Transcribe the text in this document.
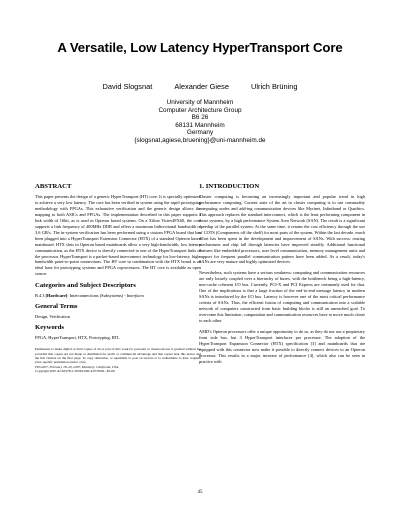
A Versatile, Low Latency HyperTransport Core
David Slogsnat	Alexander Giese	Ulrich Brüning
University of Mannheim
Computer Architecture Group
B6 26
68131 Mannheim
Germany
{slogsnat,agiese,bruening}@uni-mannheim.de
ABSTRACT

This paper presents the design of a generic HyperTransport (HT) core. It is specially optimized to achieve a very low latency. The core has been verified in system using the rapid prototyping methodology with FPGAs. This exhaustive verification and the generic design allows the mapping to both ASICs and FPGAs. The implementation described in this paper supports a link width of 16bit, as is used in Opteron based systems. On a Xilinx Virtex4FX60, the core supports a link frequency of 400MHz DDR and offers a maximum bidirectional bandwidth of 3.6 GB/s. The in-system verification has been performed using a custom FPGA board that has been plugged into a HyperTransport Extension Connector (HTX) of a standard Opteron based mainboard. HTX slots in Opteron based mainboards allow a very high-bandwidth, low latency communication, as the HTX device is directly connected to one of the HyperTransport links of the processor. HyperTransport is a packet-based interconnect technology for low-latency, high-bandwidth point-to-point connections. The HT core in combination with the HTX board is an ideal base for prototyping systems and FPGA coprocessors. The HT core is available as open source.

Categories and Subject Descriptors

B.4.3 [Hardware]: Interconnections (Subsystems) - Interfaces

General Terms

Design, Verification

Keywords

FPGA, HyperTransport, HTX, Prototyping, RTL

Permission to make digital or hard copies of all or part of this work for personal or classroom use is granted without fee provided that copies are not made or distributed for profit or commercial advantage and that copies bear this notice and the full citation on the first page. To copy otherwise, or republish, to post on servers or to redistribute to lists, requires prior specific permission and/or a fee.
FPGA'07, February 18–20, 2007, Monterey, California, USA.
Copyright 2007 ACM 978-1-59593-600-4/07/0002...$5.00.
1. INTRODUCTION

Cluster computing is becoming an increasingly important and popular trend in high performance computing. Current state of the art in cluster computing is to use commodity computing nodes and add-ing communication devices like Myrinet, Infiniband or Quadrics. This approach replaces the standard interconnect, which is the least performing component in those systems, by a high performance System Area Network (SAN). The result is a significant speedup of the parallel system. At the same time, it retains the cost efficiency through the use of COTS (Components off the shelf) for most parts of the system. Within the last decade, much effort has been spent in the development and improvement of SANs. With success: routing mechanisms and chip fall through latencies have improved steadily. Additional functional features like embedded processors, user level communication, memory management units and support for frequent parallel communication pattern have been added. As a result, today's SANs are very mature and highly optimized devices.

Nevertheless, such systems have a serious weakness: computing and communication resources are only loosely coupled over a hierarchy of buses, with the bottleneck being a high-latency, non-cache coherent I/O bus. Currently, PCI-X and PCI Express are commonly used for that. One of the implications is that a large fraction of the end-to-end message latency in modern SANs is introduced by the I/O bus. Latency is however one of the most critical performance criteria of SANs. Thus, the efficient fusion of computing and communication into a scalable network of computers constructed from basic building blocks is still an unreached goal. To overcome this limitation, computation and communication resources have to move much closer to each other.

AMD's Opteron processors offer a unique opportunity to do so, as they do not use a proprietary front side bus, but 3 HyperTransport interfaces per processor. The adoption of the HyperTransport Expansion Connector (HTX) specification [3] and mainboards that are equipped with this connector now make it possible to directly connect devices to an Opteron processor. This results in a major increase of performance [4], which also can be seen in practice with

45
